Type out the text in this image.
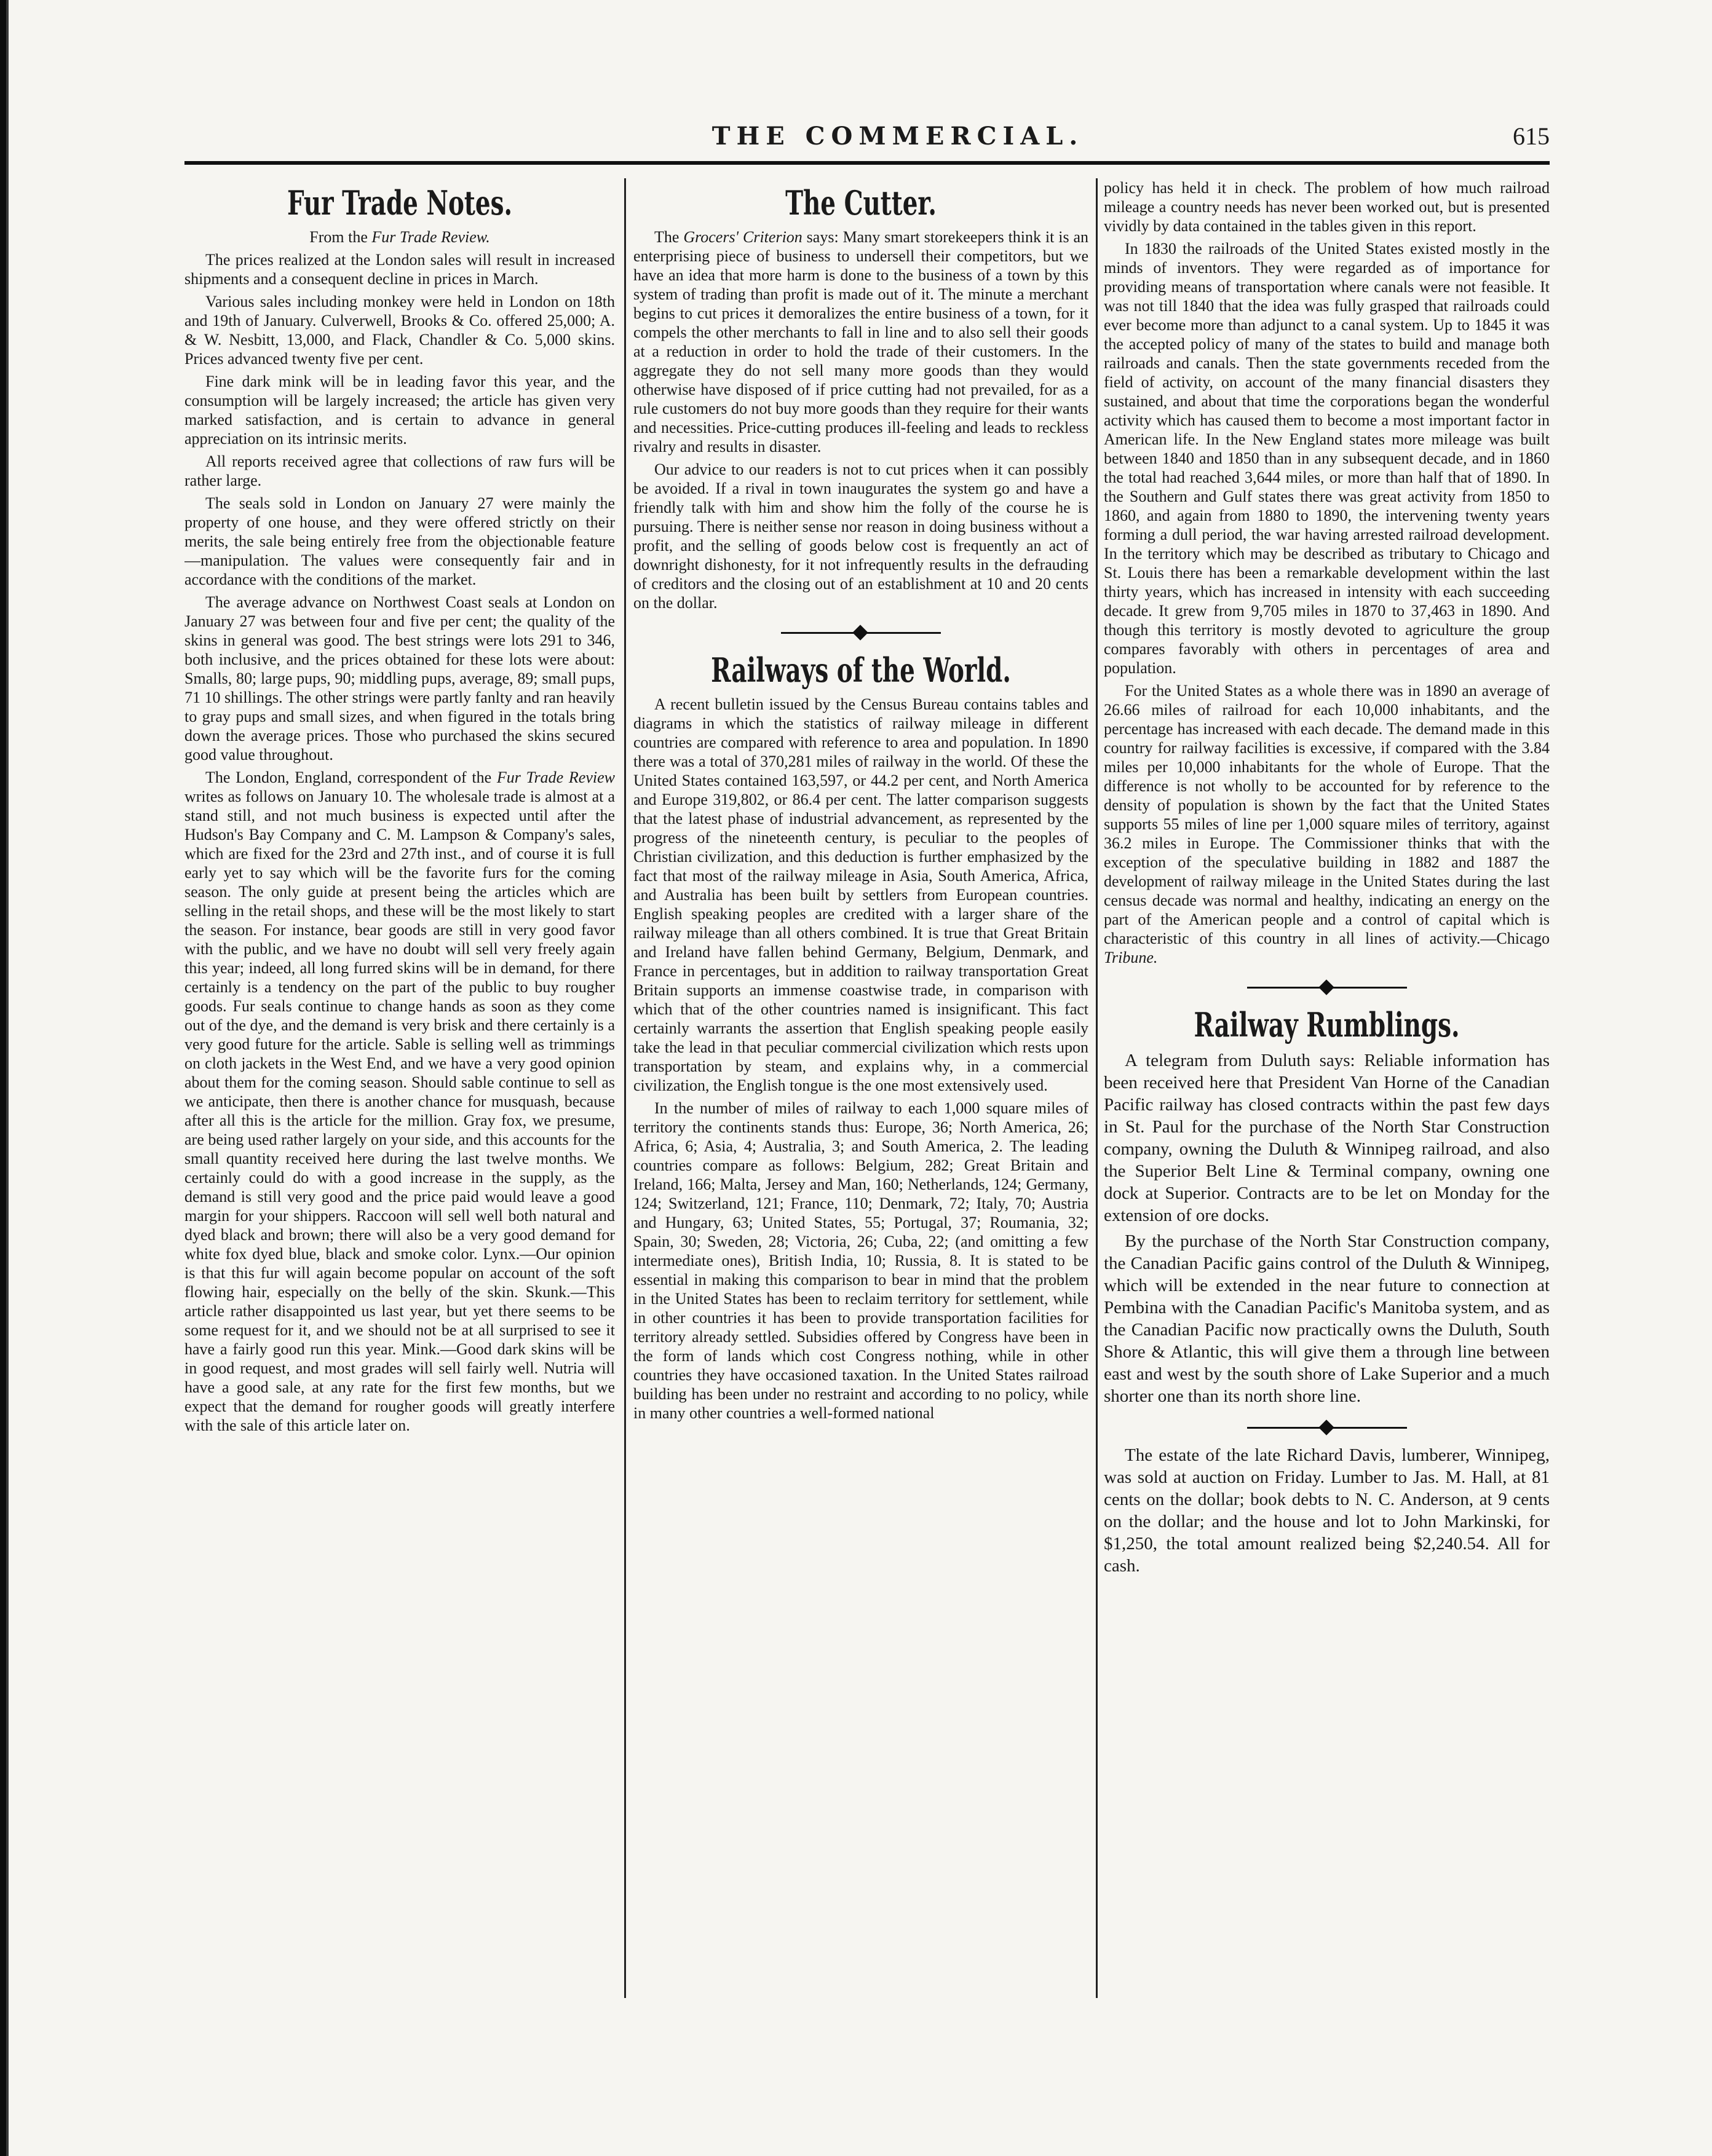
THE COMMERCIAL.	615
Fur Trade Notes.
From the Fur Trade Review.

The prices realized at the London sales will result in increased shipments and a consequent decline in prices in March.

Various sales including monkey were held in London on 18th and 19th of January. Culverwell, Brooks & Co. offered 25,000; A. & W. Nesbitt, 13,000, and Flack, Chandler & Co. 5,000 skins. Prices advanced twenty five per cent.

Fine dark mink will be in leading favor this year, and the consumption will be largely increased; the article has given very marked satisfaction, and is certain to advance in general appreciation on its intrinsic merits.

All reports received agree that collections of raw furs will be rather large.

The seals sold in London on January 27 were mainly the property of one house, and they were offered strictly on their merits, the sale being entirely free from the objectionable feature—manipulation. The values were consequently fair and in accordance with the conditions of the market.

The average advance on Northwest Coast seals at London on January 27 was between four and five per cent; the quality of the skins in general was good. The best strings were lots 291 to 346, both inclusive, and the prices obtained for these lots were about: Smalls, 80; large pups, 90; middling pups, average, 89; small pups, 71 10 shillings. The other strings were partly fanlty and ran heavily to gray pups and small sizes, and when figured in the totals bring down the average prices. Those who purchased the skins secured good value throughout.

The London, England, correspondent of the Fur Trade Review writes as follows on January 10. The wholesale trade is almost at a stand still, and not much business is expected until after the Hudson's Bay Company and C. M. Lampson & Company's sales, which are fixed for the 23rd and 27th inst., and of course it is full early yet to say which will be the favorite furs for the coming season. The only guide at present being the articles which are selling in the retail shops, and these will be the most likely to start the season. For instance, bear goods are still in very good favor with the public, and we have no doubt will sell very freely again this year; indeed, all long furred skins will be in demand, for there certainly is a tendency on the part of the public to buy rougher goods. Fur seals continue to change hands as soon as they come out of the dye, and the demand is very brisk and there certainly is a very good future for the article. Sable is selling well as trimmings on cloth jackets in the West End, and we have a very good opinion about them for the coming season. Should sable continue to sell as we anticipate, then there is another chance for musquash, because after all this is the article for the million. Gray fox, we presume, are being used rather largely on your side, and this accounts for the small quantity received here during the last twelve months. We certainly could do with a good increase in the supply, as the demand is still very good and the price paid would leave a good margin for your shippers. Raccoon will sell well both natural and dyed black and brown; there will also be a very good demand for white fox dyed blue, black and smoke color. Lynx.—Our opinion is that this fur will again become popular on account of the soft flowing hair, especially on the belly of the skin. Skunk.—This article rather disappointed us last year, but yet there seems to be some request for it, and we should not be at all surprised to see it have a fairly good run this year. Mink.—Good dark skins will be in good request, and most grades will sell fairly well. Nutria will have a good sale, at any rate for the first few months, but we expect that the demand for rougher goods will greatly interfere with the sale of this article later on.

The Cutter.

The Grocers' Criterion says: Many smart storekeepers think it is an enterprising piece of business to undersell their competitors, but we have an idea that more harm is done to the business of a town by this system of trading than profit is made out of it. The minute a merchant begins to cut prices it demoralizes the entire business of a town, for it compels the other merchants to fall in line and to also sell their goods at a reduction in order to hold the trade of their customers. In the aggregate they do not sell many more goods than they would otherwise have disposed of if price cutting had not prevailed, for as a rule customers do not buy more goods than they require for their wants and necessities. Price-cutting produces ill-feeling and leads to reckless rivalry and results in disaster.

Our advice to our readers is not to cut prices when it can possibly be avoided. If a rival in town inaugurates the system go and have a friendly talk with him and show him the folly of the course he is pursuing. There is neither sense nor reason in doing business without a profit, and the selling of goods below cost is frequently an act of downright dishonesty, for it not infrequently results in the defrauding of creditors and the closing out of an establishment at 10 and 20 cents on the dollar.

Railways of the World.

A recent bulletin issued by the Census Bureau contains tables and diagrams in which the statistics of railway mileage in different countries are compared with reference to area and population. In 1890 there was a total of 370,281 miles of railway in the world. Of these the United States contained 163,597, or 44.2 per cent, and North America and Europe 319,802, or 86.4 per cent. The latter comparison suggests that the latest phase of industrial advancement, as represented by the progress of the nineteenth century, is peculiar to the peoples of Christian civilization, and this deduction is further emphasized by the fact that most of the railway mileage in Asia, South America, Africa, and Australia has been built by settlers from European countries. English speaking peoples are credited with a larger share of the railway mileage than all others combined. It is true that Great Britain and Ireland have fallen behind Germany, Belgium, Denmark, and France in percentages, but in addition to railway transportation Great Britain supports an immense coastwise trade, in comparison with which that of the other countries named is insignificant. This fact certainly warrants the assertion that English speaking people easily take the lead in that peculiar commercial civilization which rests upon transportation by steam, and explains why, in a commercial civilization, the English tongue is the one most extensively used.

In the number of miles of railway to each 1,000 square miles of territory the continents stands thus: Europe, 36; North America, 26; Africa, 6; Asia, 4; Australia, 3; and South America, 2. The leading countries compare as follows: Belgium, 282; Great Britain and Ireland, 166; Malta, Jersey and Man, 160; Netherlands, 124; Germany, 124; Switzerland, 121; France, 110; Denmark, 72; Italy, 70; Austria and Hungary, 63; United States, 55; Portugal, 37; Roumania, 32; Spain, 30; Sweden, 28; Victoria, 26; Cuba, 22; (and omitting a few intermediate ones), British India, 10; Russia, 8. It is stated to be essential in making this comparison to bear in mind that the problem in the United States has been to reclaim territory for settlement, while in other countries it has been to provide transportation facilities for territory already settled. Subsidies offered by Congress have been in the form of lands which cost Congress nothing, while in other countries they have occasioned taxation. In the United States railroad building has been under no restraint and according to no policy, while in many other countries a well-formed national

policy has held it in check. The problem of how much railroad mileage a country needs has never been worked out, but is presented vividly by data contained in the tables given in this report.

In 1830 the railroads of the United States existed mostly in the minds of inventors. They were regarded as of importance for providing means of transportation where canals were not feasible. It was not till 1840 that the idea was fully grasped that railroads could ever become more than adjunct to a canal system. Up to 1845 it was the accepted policy of many of the states to build and manage both railroads and canals. Then the state governments receded from the field of activity, on account of the many financial disasters they sustained, and about that time the corporations began the wonderful activity which has caused them to become a most important factor in American life. In the New England states more mileage was built between 1840 and 1850 than in any subsequent decade, and in 1860 the total had reached 3,644 miles, or more than half that of 1890. In the Southern and Gulf states there was great activity from 1850 to 1860, and again from 1880 to 1890, the intervening twenty years forming a dull period, the war having arrested railroad development. In the territory which may be described as tributary to Chicago and St. Louis there has been a remarkable development within the last thirty years, which has increased in intensity with each succeeding decade. It grew from 9,705 miles in 1870 to 37,463 in 1890. And though this territory is mostly devoted to agriculture the group compares favorably with others in percentages of area and population.

For the United States as a whole there was in 1890 an average of 26.66 miles of railroad for each 10,000 inhabitants, and the percentage has increased with each decade. The demand made in this country for railway facilities is excessive, if compared with the 3.84 miles per 10,000 inhabitants for the whole of Europe. That the difference is not wholly to be accounted for by reference to the density of population is shown by the fact that the United States supports 55 miles of line per 1,000 square miles of territory, against 36.2 miles in Europe. The Commissioner thinks that with the exception of the speculative building in 1882 and 1887 the development of railway mileage in the United States during the last census decade was normal and healthy, indicating an energy on the part of the American people and a control of capital which is characteristic of this country in all lines of activity.—Chicago Tribune.

Railway Rumblings.

A telegram from Duluth says: Reliable information has been received here that President Van Horne of the Canadian Pacific railway has closed contracts within the past few days in St. Paul for the purchase of the North Star Construction company, owning the Duluth & Winnipeg railroad, and also the Superior Belt Line & Terminal company, owning one dock at Superior. Contracts are to be let on Monday for the extension of ore docks.

By the purchase of the North Star Construction company, the Canadian Pacific gains control of the Duluth & Winnipeg, which will be extended in the near future to connection at Pembina with the Canadian Pacific's Manitoba system, and as the Canadian Pacific now practically owns the Duluth, South Shore & Atlantic, this will give them a through line between east and west by the south shore of Lake Superior and a much shorter one than its north shore line.

The estate of the late Richard Davis, lumberer, Winnipeg, was sold at auction on Friday. Lumber to Jas. M. Hall, at 81 cents on the dollar; book debts to N. C. Anderson, at 9 cents on the dollar; and the house and lot to John Markinski, for $1,250, the total amount realized being $2,240.54. All for cash.
